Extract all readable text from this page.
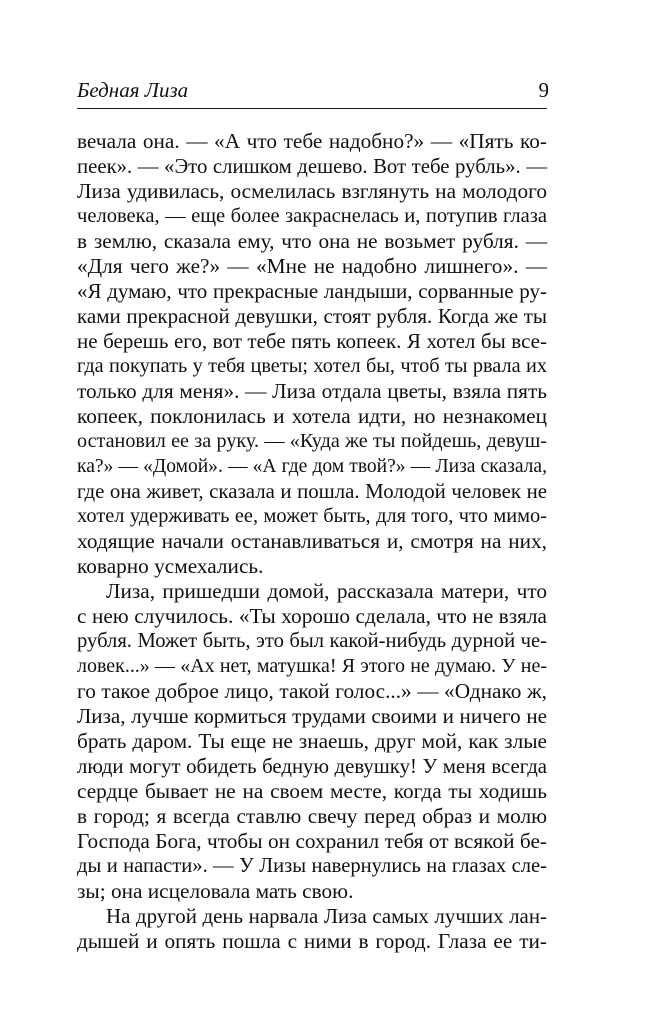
Бедная Лиза	9
вечала она. — «А что тебе надобно?» — «Пять ко-
пеек». — «Это слишком дешево. Вот тебе рубль». —
Лиза удивилась, осмелилась взглянуть на молодого
человека, — еще более закраснелась и, потупив глаза
в землю, сказала ему, что она не возьмет рубля. —
«Для чего же?» — «Мне не надобно лишнего». —
«Я думаю, что прекрасные ландыши, сорванные ру-
ками прекрасной девушки, стоят рубля. Когда же ты
не берешь его, вот тебе пять копеек. Я хотел бы все-
гда покупать у тебя цветы; хотел бы, чтоб ты рвала их
только для меня». — Лиза отдала цветы, взяла пять
копеек, поклонилась и хотела идти, но незнакомец
остановил ее за руку. — «Куда же ты пойдешь, девуш-
ка?» — «Домой». — «А где дом твой?» — Лиза сказала,
где она живет, сказала и пошла. Молодой человек не
хотел удерживать ее, может быть, для того, что мимо-
ходящие начали останавливаться и, смотря на них,
коварно усмехались.
Лиза, пришедши домой, рассказала матери, что
с нею случилось. «Ты хорошо сделала, что не взяла
рубля. Может быть, это был какой-нибудь дурной че-
ловек...» — «Ах нет, матушка! Я этого не думаю. У не-
го такое доброе лицо, такой голос...» — «Однако ж,
Лиза, лучше кормиться трудами своими и ничего не
брать даром. Ты еще не знаешь, друг мой, как злые
люди могут обидеть бедную девушку! У меня всегда
сердце бывает не на своем месте, когда ты ходишь
в город; я всегда ставлю свечу перед образ и молю
Господа Бога, чтобы он сохранил тебя от всякой бе-
ды и напасти». — У Лизы навернулись на глазах сле-
зы; она исцеловала мать свою.
На другой день нарвала Лиза самых лучших лан-
дышей и опять пошла с ними в город. Глаза ее ти-
